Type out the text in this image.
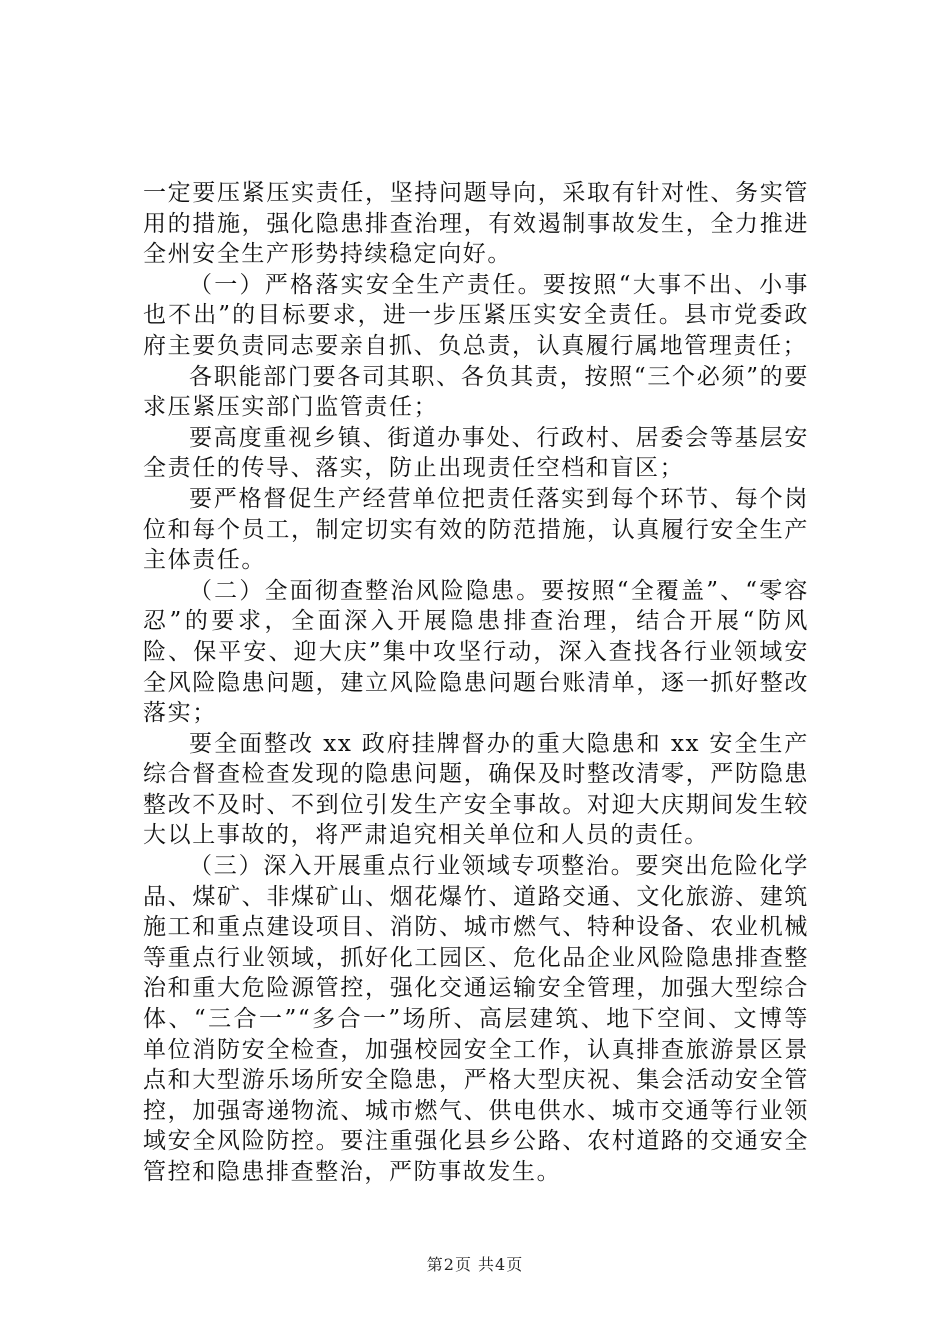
一定要压紧压实责任，坚持问题导向，采取有针对性、务实管用的措施，强化隐患排查治理，有效遏制事故发生，全力推进全州安全生产形势持续稳定向好。

（一）严格落实安全生产责任。要按照“大事不出、小事也不出”的目标要求，进一步压紧压实安全责任。县市党委政府主要负责同志要亲自抓、负总责，认真履行属地管理责任；

各职能部门要各司其职、各负其责，按照“三个必须”的要求压紧压实部门监管责任；

要高度重视乡镇、街道办事处、行政村、居委会等基层安全责任的传导、落实，防止出现责任空档和盲区；

要严格督促生产经营单位把责任落实到每个环节、每个岗位和每个员工，制定切实有效的防范措施，认真履行安全生产主体责任。

（二）全面彻查整治风险隐患。要按照“全覆盖”、“零容忍”的要求，全面深入开展隐患排查治理，结合开展“防风险、保平安、迎大庆”集中攻坚行动，深入查找各行业领域安全风险隐患问题，建立风险隐患问题台账清单，逐一抓好整改落实；

要全面整改 xx 政府挂牌督办的重大隐患和 xx 安全生产综合督查检查发现的隐患问题，确保及时整改清零，严防隐患整改不及时、不到位引发生产安全事故。对迎大庆期间发生较大以上事故的，将严肃追究相关单位和人员的责任。

（三）深入开展重点行业领域专项整治。要突出危险化学品、煤矿、非煤矿山、烟花爆竹、道路交通、文化旅游、建筑施工和重点建设项目、消防、城市燃气、特种设备、农业机械等重点行业领域，抓好化工园区、危化品企业风险隐患排查整治和重大危险源管控，强化交通运输安全管理，加强大型综合体、“三合一”“多合一”场所、高层建筑、地下空间、文博等单位消防安全检查，加强校园安全工作，认真排查旅游景区景点和大型游乐场所安全隐患，严格大型庆祝、集会活动安全管控，加强寄递物流、城市燃气、供电供水、城市交通等行业领域安全风险防控。要注重强化县乡公路、农村道路的交通安全管控和隐患排查整治，严防事故发生。

第2页 共4页
